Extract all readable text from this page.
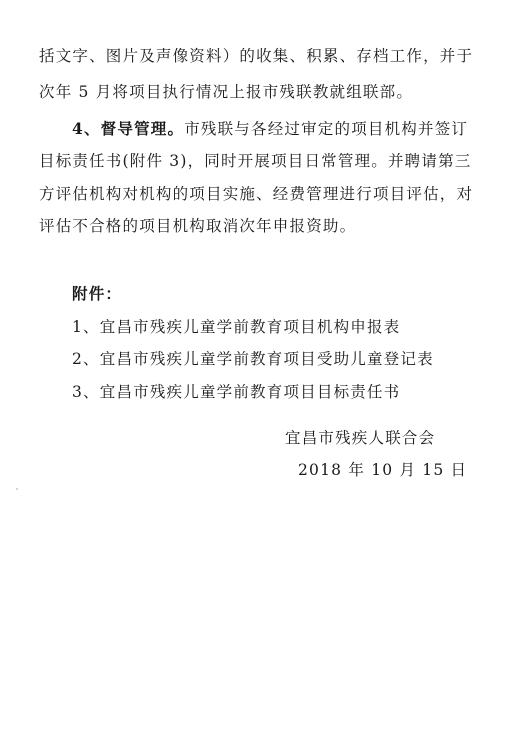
括文字、图片及声像资料）的收集、积累、存档工作，并于
次年 5 月将项目执行情况上报市残联教就组联部。
4、督导管理。市残联与各经过审定的项目机构并签订
目标责任书(附件 3)，同时开展项目日常管理。并聘请第三
方评估机构对机构的项目实施、经费管理进行项目评估，对
评估不合格的项目机构取消次年申报资助。
附件：
1、宜昌市残疾儿童学前教育项目机构申报表
2、宜昌市残疾儿童学前教育项目受助儿童登记表
3、宜昌市残疾儿童学前教育项目目标责任书
宜昌市残疾人联合会
2018 年 10 月 15 日
